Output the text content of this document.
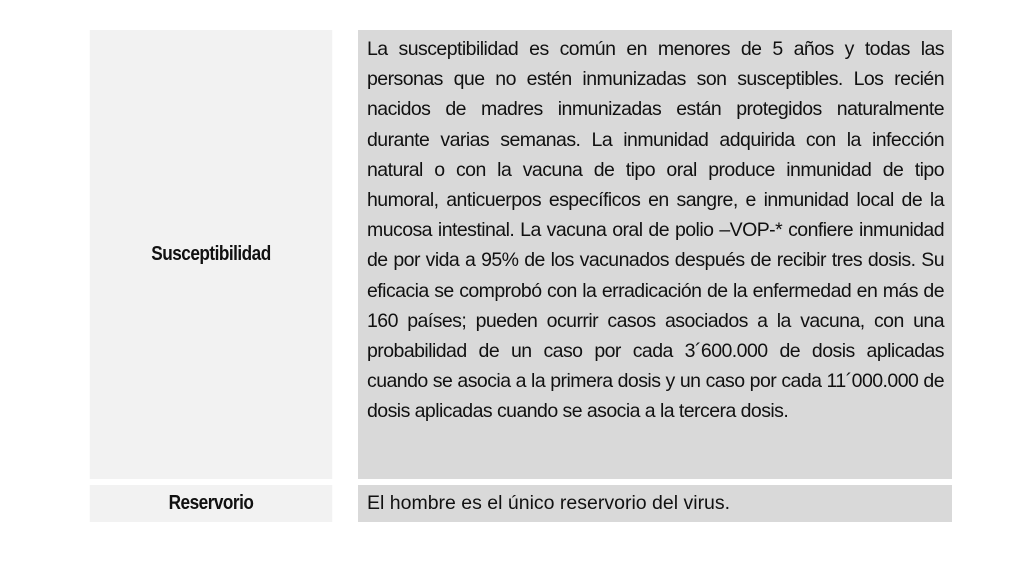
Susceptibilidad
La susceptibilidad es común en menores de 5 años y todas las personas que no estén inmunizadas son susceptibles. Los recién nacidos de madres inmunizadas están protegidos naturalmente durante varias semanas. La inmunidad adquirida con la infección natural o con la vacuna de tipo oral produce inmunidad de tipo humoral, anticuerpos específicos en sangre, e inmunidad local de la mucosa intestinal. La vacuna oral de polio –VOP-* confiere inmunidad de por vida a 95% de los vacunados después de recibir tres dosis. Su eficacia se comprobó con la erradicación de la enfermedad en más de 160 países; pueden ocurrir casos asociados a la vacuna, con una probabilidad de un caso por cada 3´600.000 de dosis aplicadas cuando se asocia a la primera dosis y un caso por cada 11´000.000 de dosis aplicadas cuando se asocia a la tercera dosis.
Reservorio	El hombre es el único reservorio del virus.
